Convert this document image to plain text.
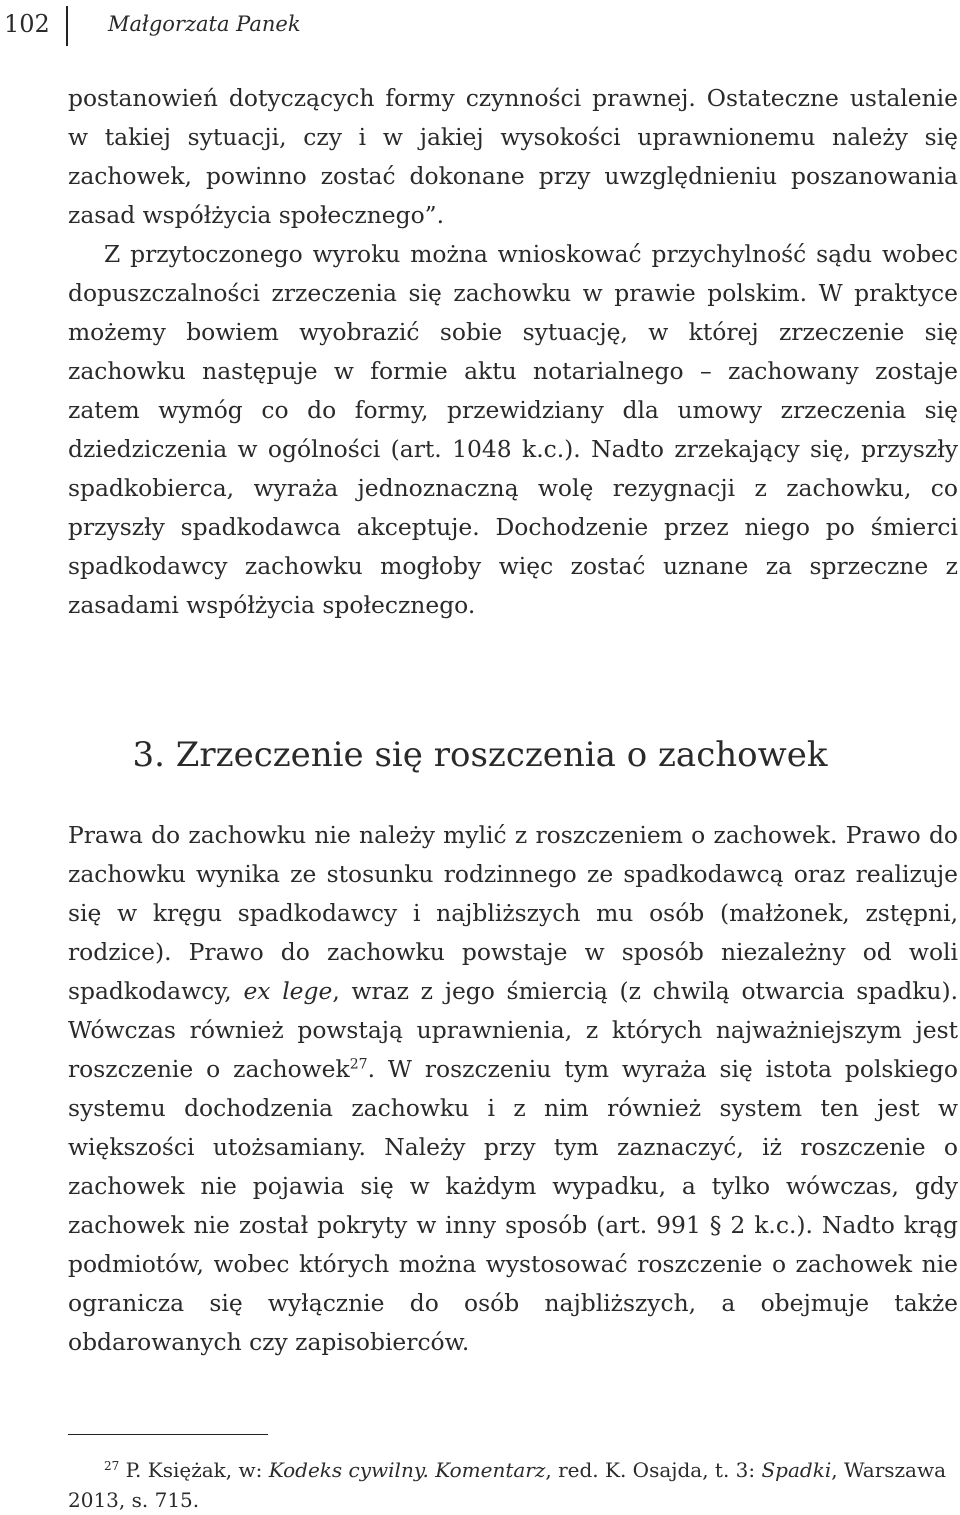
102	Małgorzata Panek

postanowień dotyczących formy czynności prawnej. Ostateczne ustalenie w takiej sytuacji, czy i w jakiej wysokości uprawnionemu należy się zachowek, powinno zostać dokonane przy uwzględnieniu poszanowania zasad współżycia społecznego”.

Z przytoczonego wyroku można wnioskować przychylność sądu wobec dopuszczalności zrzeczenia się zachowku w prawie polskim. W praktyce możemy bowiem wyobrazić sobie sytuację, w której zrzeczenie się zachowku następuje w formie aktu notarialnego – zachowany zostaje zatem wymóg co do formy, przewidziany dla umowy zrzeczenia się dziedziczenia w ogólności (art. 1048 k.c.). Nadto zrzekający się, przyszły spadkobierca, wyraża jednoznaczną wolę rezygnacji z zachowku, co przyszły spadkodawca akceptuje. Dochodzenie przez niego po śmierci spadkodawcy zachowku mogłoby więc zostać uznane za sprzeczne z zasadami współżycia społecznego.

3. Zrzeczenie się roszczenia o zachowek

Prawa do zachowku nie należy mylić z roszczeniem o zachowek. Prawo do zachowku wynika ze stosunku rodzinnego ze spadkodawcą oraz realizuje się w kręgu spadkodawcy i najbliższych mu osób (małżonek, zstępni, rodzice). Prawo do zachowku powstaje w sposób niezależny od woli spadkodawcy, ex lege, wraz z jego śmiercią (z chwilą otwarcia spadku). Wówczas również powstają uprawnienia, z których najważniejszym jest roszczenie o zachowek$^{27}$. W roszczeniu tym wyraża się istota polskiego systemu dochodzenia zachowku i z nim również system ten jest w większości utożsamiany. Należy przy tym zaznaczyć, iż roszczenie o zachowek nie pojawia się w każdym wypadku, a tylko wówczas, gdy zachowek nie został pokryty w inny sposób (art. 991 § 2 k.c.). Nadto krąg podmiotów, wobec których można wystosować roszczenie o zachowek nie ogranicza się wyłącznie do osób najbliższych, a obejmuje także obdarowanych czy zapisobierców.

$^{27}$ P. Księżak, w: Kodeks cywilny. Komentarz, red. K. Osajda, t. 3: Spadki, Warszawa 2013, s. 715.
